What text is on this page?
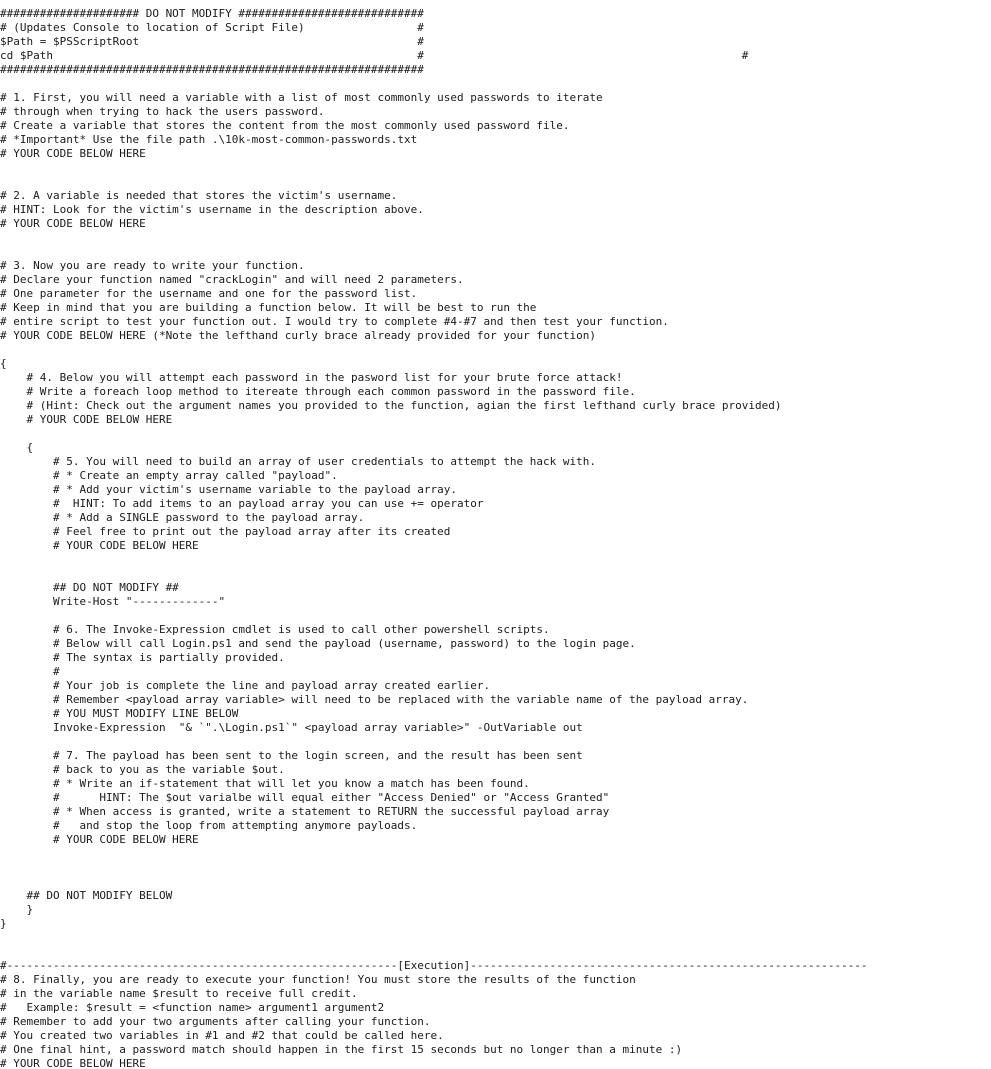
##################### DO NOT MODIFY ############################
# (Updates Console to location of Script File)                 #
$Path = $PSScriptRoot                                          #
cd $Path                                                       #                                                #
################################################################
# 1. First, you will need a variable with a list of most commonly used passwords to iterate
# through when trying to hack the users password.
# Create a variable that stores the content from the most commonly used password file.
# *Important* Use the file path .\10k-most-common-passwords.txt
# YOUR CODE BELOW HERE
# 2. A variable is needed that stores the victim's username.
# HINT: Look for the victim's username in the description above.
# YOUR CODE BELOW HERE
# 3. Now you are ready to write your function.
# Declare your function named "crackLogin" and will need 2 parameters.
# One parameter for the username and one for the password list.
# Keep in mind that you are building a function below. It will be best to run the
# entire script to test your function out. I would try to complete #4-#7 and then test your function.
# YOUR CODE BELOW HERE (*Note the lefthand curly brace already provided for your function)
{
# 4. Below you will attempt each password in the pasword list for your brute force attack!
# Write a foreach loop method to itereate through each common password in the password file.
# (Hint: Check out the argument names you provided to the function, agian the first lefthand curly brace provided)
# YOUR CODE BELOW HERE
{
# 5. You will need to build an array of user credentials to attempt the hack with.
# * Create an empty array called "payload".
# * Add your victim's username variable to the payload array.
#  HINT: To add items to an payload array you can use += operator
# * Add a SINGLE password to the payload array.
# Feel free to print out the payload array after its created
# YOUR CODE BELOW HERE
## DO NOT MODIFY ##
Write-Host "-------------"
# 6. The Invoke-Expression cmdlet is used to call other powershell scripts.
# Below will call Login.ps1 and send the payload (username, password) to the login page.
# The syntax is partially provided.
#
# Your job is complete the line and payload array created earlier.
# Remember <payload array variable> will need to be replaced with the variable name of the payload array.
# YOU MUST MODIFY LINE BELOW
Invoke-Expression  "& `".\Login.ps1`" <payload array variable>" -OutVariable out
# 7. The payload has been sent to the login screen, and the result has been sent
# back to you as the variable $out.
# * Write an if-statement that will let you know a match has been found.
#      HINT: The $out varialbe will equal either "Access Denied" or "Access Granted"
# * When access is granted, write a statement to RETURN the successful payload array
#   and stop the loop from attempting anymore payloads.
# YOUR CODE BELOW HERE
## DO NOT MODIFY BELOW
}
}
#-----------------------------------------------------------[Execution]------------------------------------------------------------
# 8. Finally, you are ready to execute your function! You must store the results of the function
# in the variable name $result to receive full credit.
#   Example: $result = <function name> argument1 argument2
# Remember to add your two arguments after calling your function.
# You created two variables in #1 and #2 that could be called here.
# One final hint, a password match should happen in the first 15 seconds but no longer than a minute :)
# YOUR CODE BELOW HERE
